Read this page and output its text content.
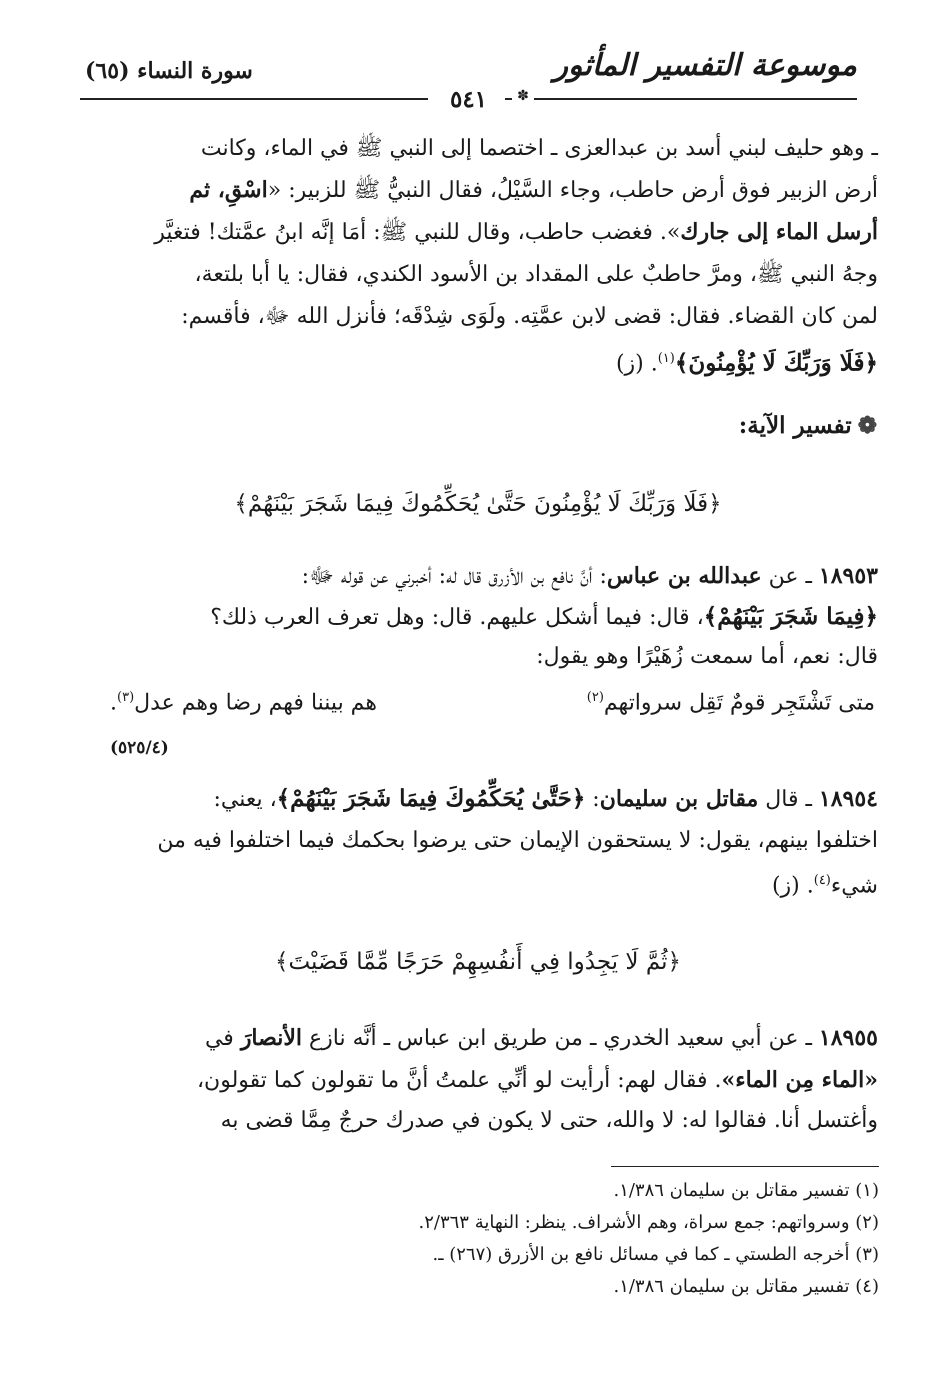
موسوعة التفسير المأثور
سورة النساء (٦٥)
✽
٥٤١
ـ وهو حليف لبني أسد بن عبدالعزى ـ اختصما إلى النبي ﷺ في الماء، وكانت
أرض الزبير فوق أرض حاطب، وجاء السَّيْلُ، فقال النبيُّ ﷺ للزبير: «اسْقِ، ثم
أرسل الماء إلى جارك». فغضب حاطب، وقال للنبي ﷺ: أمَا إنَّه ابنُ عمَّتك! فتغيَّر
وجهُ النبي ﷺ، ومرَّ حاطبٌ على المقداد بن الأسود الكندي، فقال: يا أبا بلتعة،
لمن كان القضاء. فقال: قضى لابن عمَّتِه. ولَوَى شِدْقَه؛ فأنزل الله ﷻ، فأقسم:
﴿فَلَا وَرَبِّكَ لَا يُؤْمِنُونَ﴾$^{(١)}$. (ز)
❁تفسير الآية:
﴿فَلَا وَرَبِّكَ لَا يُؤْمِنُونَ حَتَّىٰ يُحَكِّمُوكَ فِيمَا شَجَرَ بَيْنَهُمْ﴾
١٨٩٥٣ ـ عن عبدالله بن عباس: أنَّ نافع بن الأزرق قال له: أخبرني عن قوله ﷻ:
﴿فِيمَا شَجَرَ بَيْنَهُمْ﴾، قال: فيما أشكل عليهم. قال: وهل تعرف العرب ذلك؟
قال: نعم، أما سمعت زُهَيْرًا وهو يقول:
متى تَشْتَجِر قومٌ تَقِل سرواتهم$^{(٢)}$
هم بيننا فهم رضا وهم عدل$^{(٣)}$.
(٥٢٥/٤)
١٨٩٥٤ ـ قال مقاتل بن سليمان: ﴿حَتَّىٰ يُحَكِّمُوكَ فِيمَا شَجَرَ بَيْنَهُمْ﴾، يعني:
اختلفوا بينهم، يقول: لا يستحقون الإيمان حتى يرضوا بحكمك فيما اختلفوا فيه من
شيء$^{(٤)}$. (ز)
﴿ثُمَّ لَا يَجِدُوا فِي أَنفُسِهِمْ حَرَجًا مِّمَّا قَضَيْتَ﴾
١٨٩٥٥ ـ عن أبي سعيد الخدري ـ من طريق ابن عباس ـ أنَّه نازع الأنصارَ في
«الماء مِن الماء». فقال لهم: أرأيت لو أنِّي علمتُ أنَّ ما تقولون كما تقولون،
وأغتسل أنا. فقالوا له: لا والله، حتى لا يكون في صدرك حرجٌ مِمَّا قضى به
(١) تفسير مقاتل بن سليمان ١/٣٨٦.
(٢) وسرواتهم: جمع سراة، وهم الأشراف. ينظر: النهاية ٢/٣٦٣.
(٣) أخرجه الطستي ـ كما في مسائل نافع بن الأزرق (٢٦٧) ـ.
(٤) تفسير مقاتل بن سليمان ١/٣٨٦.
